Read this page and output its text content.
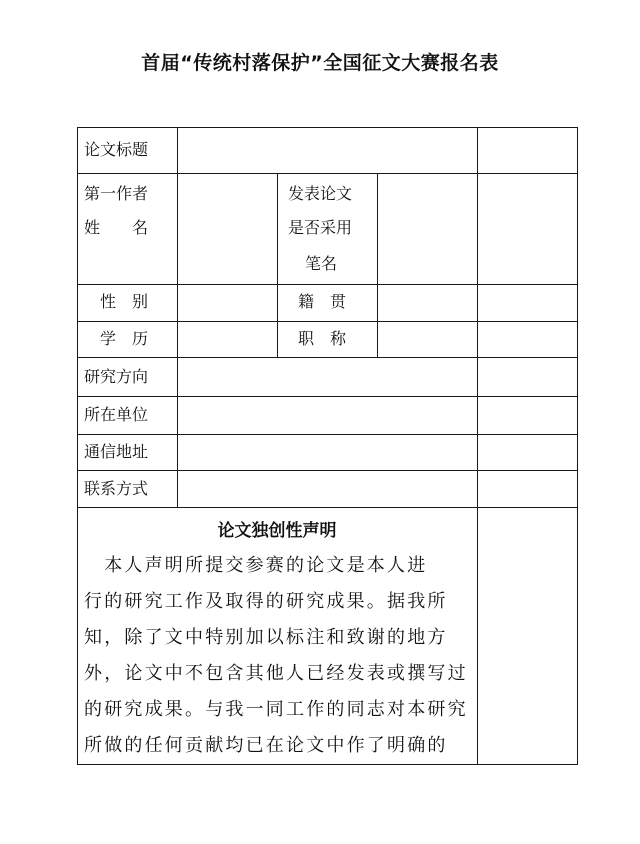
首届“传统村落保护”全国征文大赛报名表
论文标题
第一作者
姓　　名
发表论文
是否采用
笔名
性　别	籍　贯
学　历	职　称
研究方向
所在单位
通信地址
联系方式
论文独创性声明
　本人声明所提交参赛的论文是本人进
行的研究工作及取得的研究成果。据我所
知，除了文中特别加以标注和致谢的地方
外，论文中不包含其他人已经发表或撰写过
的研究成果。与我一同工作的同志对本研究
所做的任何贡献均已在论文中作了明确的
